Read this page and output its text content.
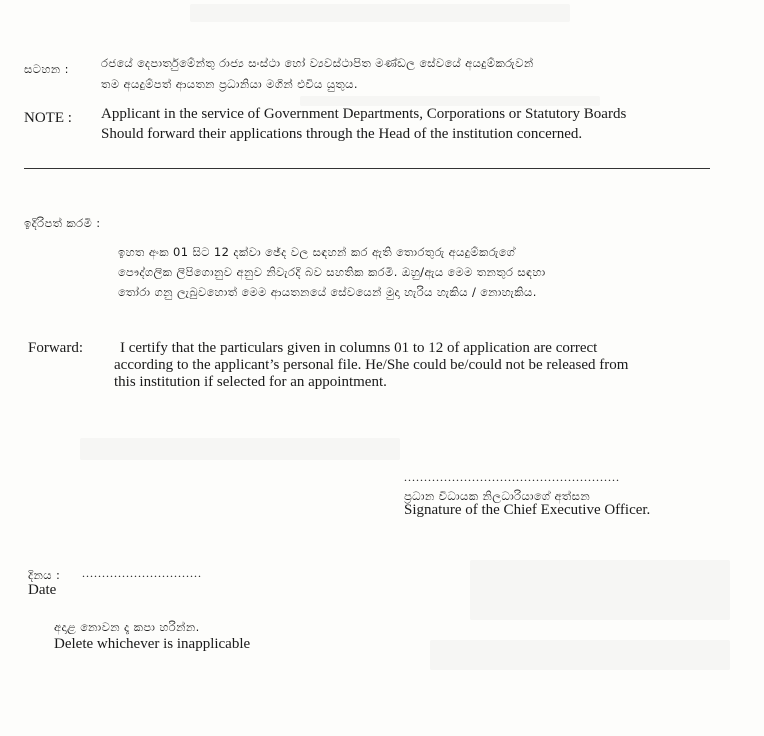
සටහන :	රජයේ දෙපාර්තුමේන්තු රාජ්‍ය සංස්ථා හෝ ව්‍යවස්ථාපිත මණ්ඩල සේවයේ අයදුම්කරුවන්
තම අයදුම්පත් ආයතන ප්‍රධානියා මගින් එවිය යුතුය.
NOTE : Applicant in the service of Government Departments, Corporations or Statutory Boards
Should forward their applications through the Head of the institution concerned.
ඉදිරිපත් කරමි :
ඉහත අංක 01 සිට 12 දක්වා ඡේද වල සඳහන් කර ඇති තොරතුරු අයදුම්කරුගේ
පෞද්ගලික ලිපිගොනුව අනුව නිවැරදි බව සහතික කරමි. ඔහු/ඇය මෙම තනතුර සඳහා
තෝරා ගනු ලැබුවහොත් මෙම ආයතනයේ සේවයෙන් මුදා හැරිය හැකිය / නොහැකිය.
Forward: I certify that the particulars given in columns 01 to 12 of application are correct
according to the applicant’s personal file. He/She could be/could not be released from
this institution if selected for an appointment.
......................................................
ප්‍රධාන විධායක නිලධාරියාගේ අත්සන
Signature of the Chief Executive Officer.
දිනය : ..............................
Date
අදාළ නොවන දෑ කපා හරින්න.
Delete whichever is inapplicable
